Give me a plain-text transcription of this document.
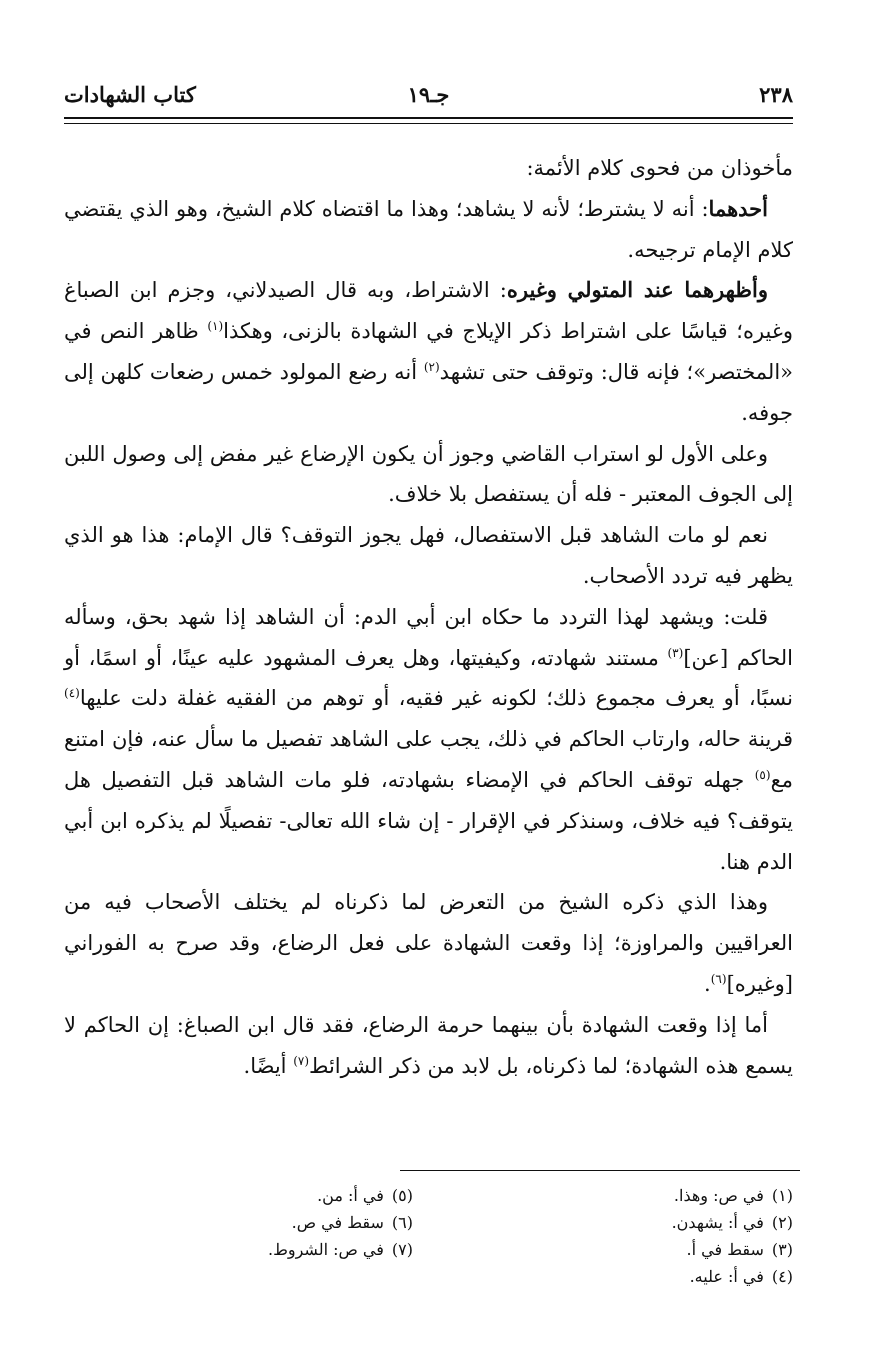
٢٣٨
جـ١٩
كتاب الشهادات

مأخوذان من فحوى كلام الأئمة:

أحدهما: أنه لا يشترط؛ لأنه لا يشاهد؛ وهذا ما اقتضاه كلام الشيخ، وهو الذي يقتضي كلام الإمام ترجيحه.

وأظهرهما عند المتولي وغيره: الاشتراط، وبه قال الصيدلاني، وجزم ابن الصباغ وغيره؛ قياسًا على اشتراط ذكر الإيلاج في الشهادة بالزنى، وهكذا$^{(١)}$ ظاهر النص في «المختصر»؛ فإنه قال: وتوقف حتى تشهد$^{(٢)}$ أنه رضع المولود خمس رضعات كلهن إلى جوفه.

وعلى الأول لو استراب القاضي وجوز أن يكون الإرضاع غير مفض إلى وصول اللبن إلى الجوف المعتبر - فله أن يستفصل بلا خلاف.

نعم لو مات الشاهد قبل الاستفصال، فهل يجوز التوقف؟ قال الإمام: هذا هو الذي يظهر فيه تردد الأصحاب.

قلت: ويشهد لهذا التردد ما حكاه ابن أبي الدم: أن الشاهد إذا شهد بحق، وسأله الحاكم [عن]$^{(٣)}$ مستند شهادته، وكيفيتها، وهل يعرف المشهود عليه عينًا، أو اسمًا، أو نسبًا، أو يعرف مجموع ذلك؛ لكونه غير فقيه، أو توهم من الفقيه غفلة دلت عليها$^{(٤)}$ قرينة حاله، وارتاب الحاكم في ذلك، يجب على الشاهد تفصيل ما سأل عنه، فإن امتنع مع$^{(٥)}$ جهله توقف الحاكم في الإمضاء بشهادته، فلو مات الشاهد قبل التفصيل هل يتوقف؟ فيه خلاف، وسنذكر في الإقرار - إن شاء الله تعالى- تفصيلًا لم يذكره ابن أبي الدم هنا.

وهذا الذي ذكره الشيخ من التعرض لما ذكرناه لم يختلف الأصحاب فيه من العراقيين والمراوزة؛ إذا وقعت الشهادة على فعل الرضاع، وقد صرح به الفوراني [وغيره]$^{(٦)}$.

أما إذا وقعت الشهادة بأن بينهما حرمة الرضاع، فقد قال ابن الصباغ: إن الحاكم لا يسمع هذه الشهادة؛ لما ذكرناه، بل لابد من ذكر الشرائط$^{(٧)}$ أيضًا.

(١)في ص: وهذا.
(٢)في أ: يشهدن.
(٣)سقط في أ.
(٤)في أ: عليه.
(٥)في أ: من.
(٦)سقط في ص.
(٧)في ص: الشروط.
